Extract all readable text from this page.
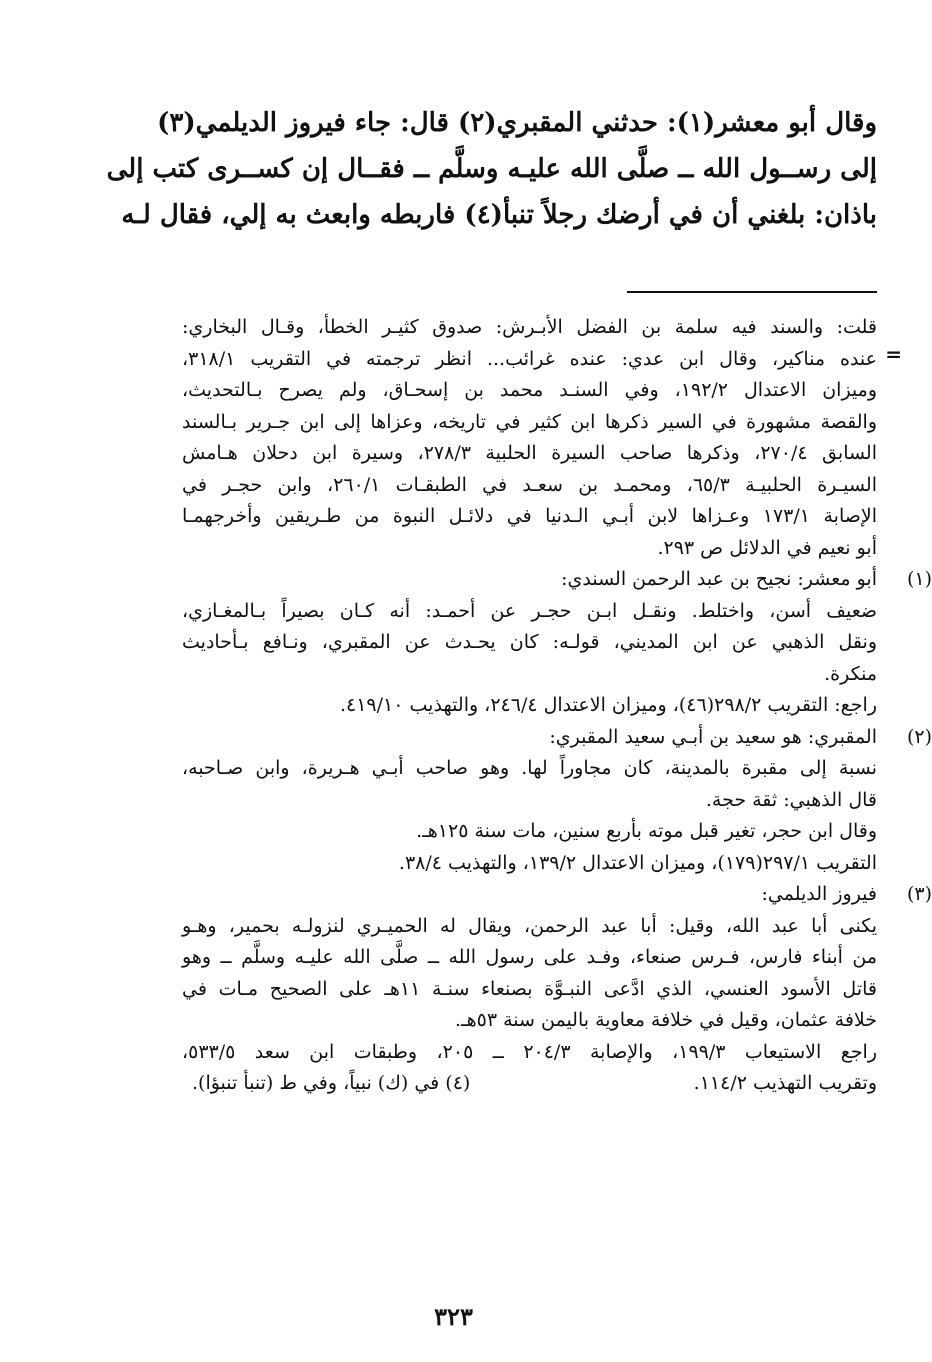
وقال أبو معشر(١): حدثني المقبري(٢) قال: جاء فيروز الديلمي(٣)
إلى رســول الله ــ صلَّى الله عليـه وسلَّم ــ فقــال إن كســرى كتب إلى
باذان: بلغني أن في أرضك رجلاً تنبأ(٤) فاربطه وابعث به إلي، فقال لـه
=
قلت: والسند فيه سلمة بن الفضل الأبـرش: صدوق كثيـر الخطأ، وقـال البخاري:
عنده مناكير، وقال ابن عدي: عنده غرائب... انظر ترجمته في التقريب ٣١٨/١،
وميزان الاعتدال ١٩٢/٢، وفي السنـد محمد بن إسحـاق، ولم يصرح بـالتحديث،
والقصة مشهورة في السير ذكرها ابن كثير في تاريخه، وعزاها إلى ابن جـرير بـالسند
السابق ٢٧٠/٤، وذكرها صاحب السيرة الحلبية ٢٧٨/٣، وسيرة ابن دحلان هـامش
السيـرة الحلبيـة ٦٥/٣، ومحمـد بن سعـد في الطبقـات ٢٦٠/١، وابن حجـر في
الإصابة ١٧٣/١ وعـزاها لابن أبـي الـدنيا في دلائـل النبوة من طـريقين وأخرجهمـا
أبو نعيم في الدلائل ص ٢٩٣.
(١)
أبو معشر: نجيح بن عبد الرحمن السندي:
ضعيف أسن، واختلط. ونقـل ابـن حجـر عن أحمـد: أنه كـان بصيراً بـالمغـازي،
ونقل الذهبي عن ابن المديني، قولـه: كان يحـدث عن المقبري، ونـافع بـأحاديث
منكرة.
راجع: التقريب ٢٩٨/٢(٤٦)، وميزان الاعتدال ٢٤٦/٤، والتهذيب ٤١٩/١٠.
(٢)
المقبري: هو سعيد بن أبـي سعيد المقبري:
نسبة إلى مقبرة بالمدينة، كان مجاوراً لها. وهو صاحب أبـي هـريرة، وابن صـاحبه،
قال الذهبي: ثقة حجة.
وقال ابن حجر، تغير قبل موته بأربع سنين، مات سنة ١٢٥هـ.
التقريب ٢٩٧/١(١٧٩)، وميزان الاعتدال ١٣٩/٢، والتهذيب ٣٨/٤.
(٣)
فيروز الديلمي:
يكنى أبا عبد الله، وقيل: أبا عبد الرحمن، ويقال له الحميـري لنزولـه بحمير، وهـو
من أبناء فارس، فـرس صنعاء، وفـد على رسول الله ــ صلَّى الله عليـه وسلَّم ــ وهو
قاتل الأسود العنسي، الذي ادَّعى النبـوَّة بصنعاء سنـة ١١هـ على الصحيح مـات في
خلافة عثمان، وقيل في خلافة معاوية باليمن سنة ٥٣هـ.
راجع الاستيعاب ١٩٩/٣، والإصابة ٢٠٤/٣ ــ ٢٠٥، وطبقات ابن سعد ٥٣٣/٥،
وتقريب التهذيب ١١٤/٢.
(٤) في (ك) نبياً، وفي ط (تنبأ تنبؤا).
٣٢٣
